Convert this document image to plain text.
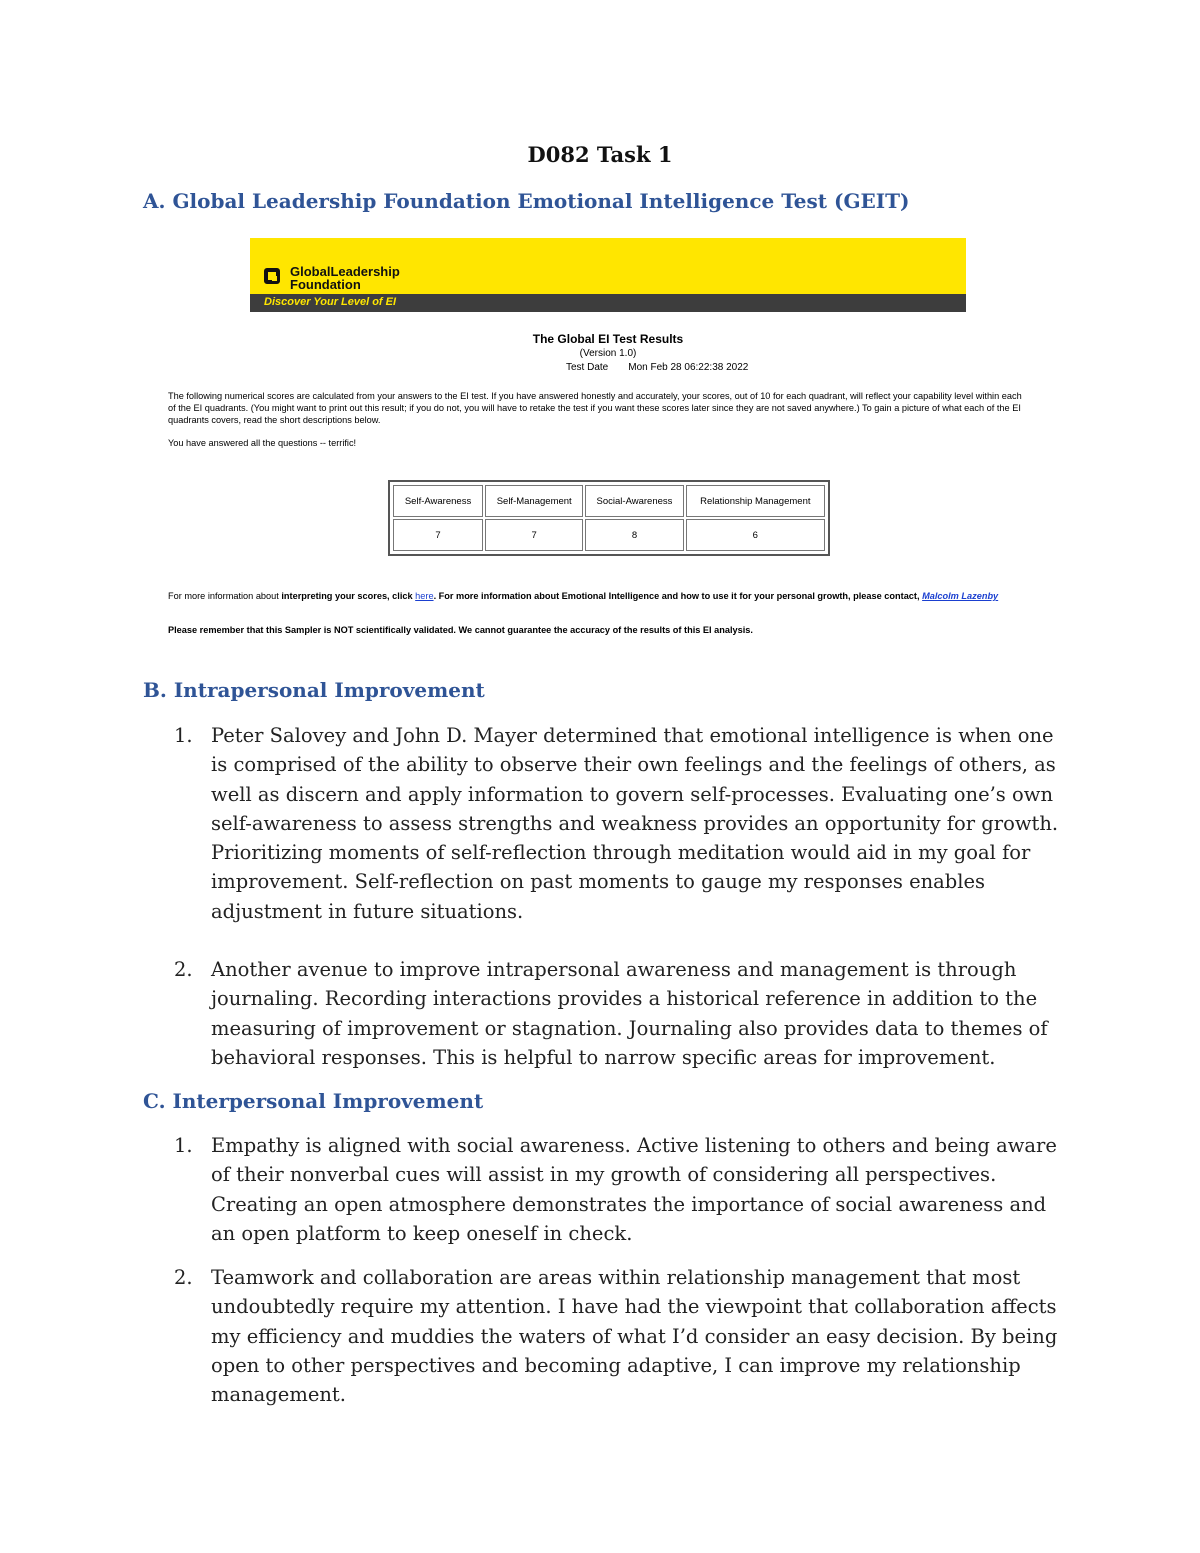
D082 Task 1
A. Global Leadership Foundation Emotional Intelligence Test (GEIT)
GlobalLeadership
Foundation
Discover Your Level of EI
The Global EI Test Results
(Version 1.0)
Test Date Mon Feb 28 06:22:38 2022
The following numerical scores are calculated from your answers to the EI test. If you have answered honestly and accurately, your scores, out of 10 for each quadrant, will reflect your capability level within each of the EI quadrants. (You might want to print out this result; if you do not, you will have to retake the test if you want these scores later since they are not saved anywhere.) To gain a picture of what each of the EI quadrants covers, read the short descriptions below.
You have answered all the questions -- terrific!
Self-Awareness	Self-Management	Social-Awareness	Relationship Management
7	7	8	6
For more information about interpreting your scores, click here. For more information about Emotional Intelligence and how to use it for your personal growth, please contact, Malcolm Lazenby
Please remember that this Sampler is NOT scientifically validated. We cannot guarantee the accuracy of the results of this EI analysis.
B. Intrapersonal Improvement
1. Peter Salovey and John D. Mayer determined that emotional intelligence is when one is comprised of the ability to observe their own feelings and the feelings of others, as well as discern and apply information to govern self-processes. Evaluating one’s own self-awareness to assess strengths and weakness provides an opportunity for growth. Prioritizing moments of self-reflection through meditation would aid in my goal for improvement. Self-reflection on past moments to gauge my responses enables adjustment in future situations.
2. Another avenue to improve intrapersonal awareness and management is through journaling. Recording interactions provides a historical reference in addition to the measuring of improvement or stagnation. Journaling also provides data to themes of behavioral responses. This is helpful to narrow specific areas for improvement.
C. Interpersonal Improvement
1. Empathy is aligned with social awareness. Active listening to others and being aware of their nonverbal cues will assist in my growth of considering all perspectives. Creating an open atmosphere demonstrates the importance of social awareness and an open platform to keep oneself in check.
2. Teamwork and collaboration are areas within relationship management that most undoubtedly require my attention. I have had the viewpoint that collaboration affects my efficiency and muddies the waters of what I’d consider an easy decision. By being open to other perspectives and becoming adaptive, I can improve my relationship management.
